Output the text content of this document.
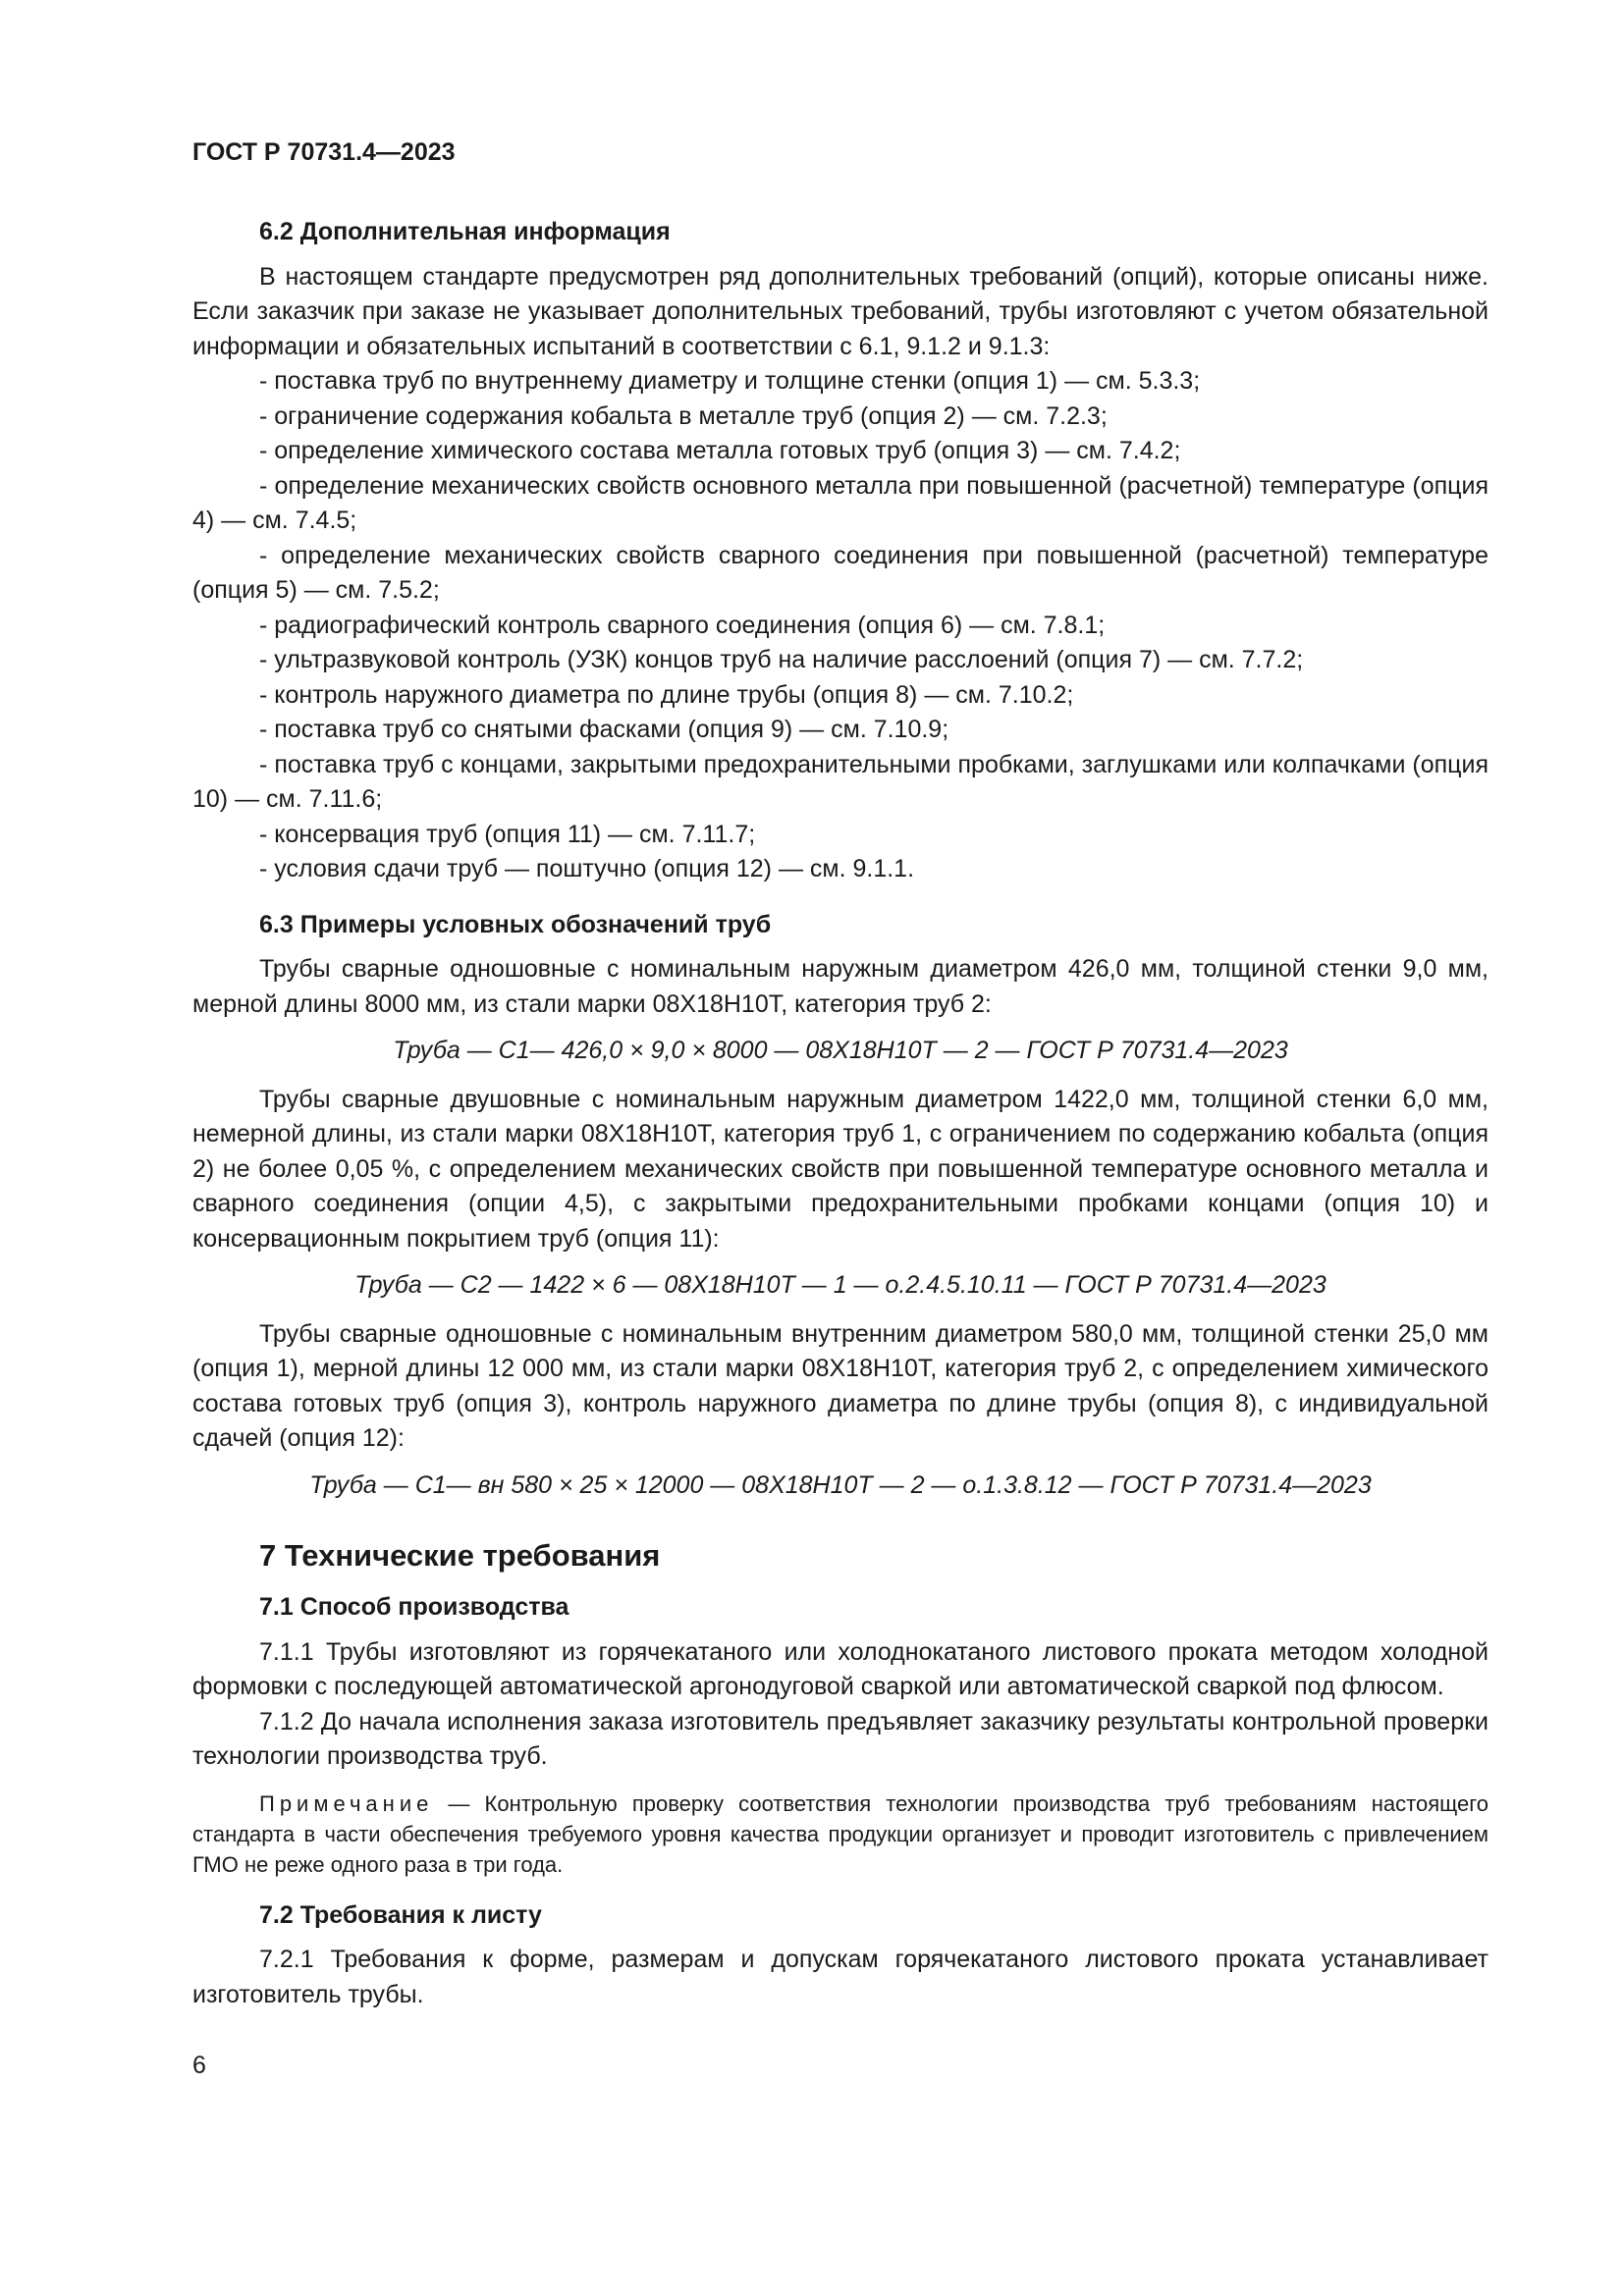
ГОСТ Р 70731.4—2023
6.2 Дополнительная информация

В настоящем стандарте предусмотрен ряд дополнительных требований (опций), которые описаны ниже. Если заказчик при заказе не указывает дополнительных требований, трубы изготовляют с учетом обязательной информации и обязательных испытаний в соответствии с 6.1, 9.1.2 и 9.1.3:

- поставка труб по внутреннему диаметру и толщине стенки (опция 1) — см. 5.3.3;
- ограничение содержания кобальта в металле труб (опция 2) — см. 7.2.3;
- определение химического состава металла готовых труб (опция 3) — см. 7.4.2;
- определение механических свойств основного металла при повышенной (расчетной) температуре (опция 4) — см. 7.4.5;
- определение механических свойств сварного соединения при повышенной (расчетной) температуре (опция 5) — см. 7.5.2;
- радиографический контроль сварного соединения (опция 6) — см. 7.8.1;
- ультразвуковой контроль (УЗК) концов труб на наличие расслоений (опция 7) — см. 7.7.2;
- контроль наружного диаметра по длине трубы (опция 8) — см. 7.10.2;
- поставка труб со снятыми фасками (опция 9) — см. 7.10.9;
- поставка труб с концами, закрытыми предохранительными пробками, заглушками или колпачками (опция 10) — см. 7.11.6;
- консервация труб (опция 11) — см. 7.11.7;
- условия сдачи труб — поштучно (опция 12) — см. 9.1.1.
6.3 Примеры условных обозначений труб

Трубы сварные одношовные с номинальным наружным диаметром 426,0 мм, толщиной стенки 9,0 мм, мерной длины 8000 мм, из стали марки 08Х18Н10Т, категория труб 2:

Труба — С1— 426,0 × 9,0 × 8000 — 08Х18Н10Т — 2 — ГОСТ Р 70731.4—2023

Трубы сварные двушовные с номинальным наружным диаметром 1422,0 мм, толщиной стенки 6,0 мм, немерной длины, из стали марки 08Х18Н10Т, категория труб 1, с ограничением по содержанию кобальта (опция 2) не более 0,05 %, с определением механических свойств при повышенной температуре основного металла и сварного соединения (опции 4,5), с закрытыми предохранительными пробками концами (опция 10) и консервационным покрытием труб (опция 11):

Труба — С2 — 1422 × 6 — 08Х18Н10Т — 1 — о.2.4.5.10.11 — ГОСТ Р 70731.4—2023

Трубы сварные одношовные с номинальным внутренним диаметром 580,0 мм, толщиной стенки 25,0 мм (опция 1), мерной длины 12 000 мм, из стали марки 08Х18Н10Т, категория труб 2, с определением химического состава готовых труб (опция 3), контроль наружного диаметра по длине трубы (опция 8), с индивидуальной сдачей (опция 12):

Труба — С1— вн 580 × 25 × 12000 — 08Х18Н10Т — 2 — о.1.3.8.12 — ГОСТ Р 70731.4—2023
7 Технические требования
7.1 Способ производства

7.1.1 Трубы изготовляют из горячекатаного или холоднокатаного листового проката методом холодной формовки с последующей автоматической аргонодуговой сваркой или автоматической сваркой под флюсом.

7.1.2 До начала исполнения заказа изготовитель предъявляет заказчику результаты контрольной проверки технологии производства труб.

Примечание — Контрольную проверку соответствия технологии производства труб требованиям настоящего стандарта в части обеспечения требуемого уровня качества продукции организует и проводит изготовитель с привлечением ГМО не реже одного раза в три года.

7.2 Требования к листу

7.2.1 Требования к форме, размерам и допускам горячекатаного листового проката устанавливает изготовитель трубы.

6
